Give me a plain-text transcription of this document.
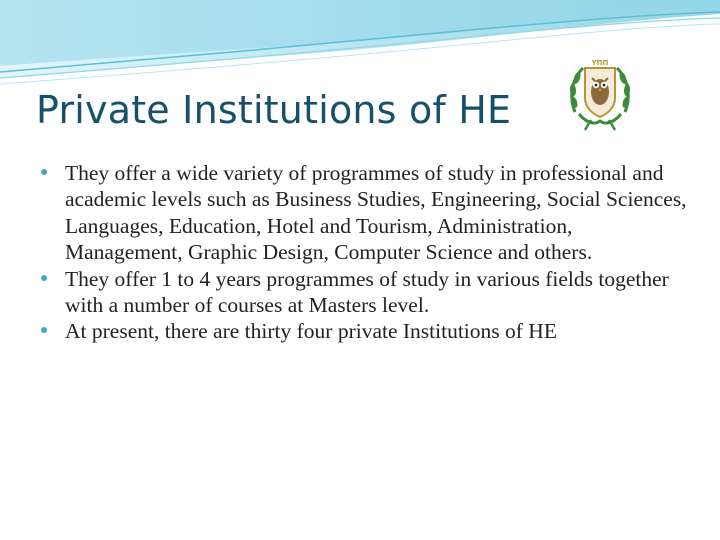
Private Institutions of HE
ΥΠΠ
● They offer a wide variety of programmes of study in professional and academic levels such as Business Studies, Engineering, Social Sciences, Languages, Education, Hotel and Tourism, Administration, Management, Graphic Design, Computer Science and others.
● They offer 1 to 4 years programmes of study in various fields together with a number of courses at Masters level.
● At present, there are thirty four private Institutions of HE
